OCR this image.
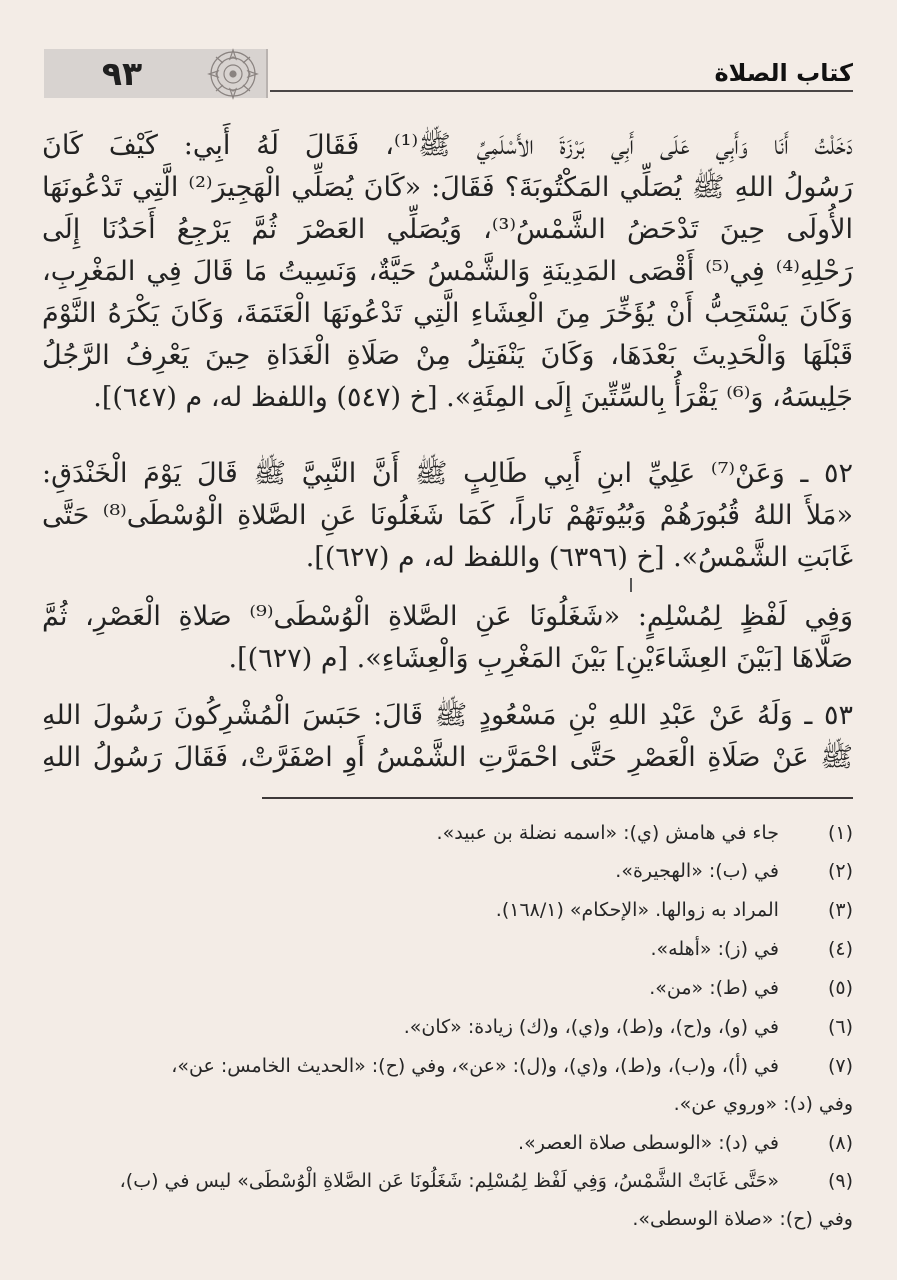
٩٣	كتاب الصلاة
دَخَلْتُ أَنَا وَأَبِي عَلَى أَبِي بَرْزَةَ الأَسْلَمِيِّ ﷺ⁽¹⁾، فَقَالَ لَهُ أَبِي: كَيْفَ كَانَ
رَسُولُ اللهِ ﷺ يُصَلِّي المَكْتُوبَةَ؟ فَقَالَ: «كَانَ يُصَلِّي الْهَجِيرَ⁽²⁾ الَّتِي تَدْعُونَهَا
الأُولَى حِينَ تَدْحَضُ الشَّمْسُ⁽³⁾، وَيُصَلِّي العَصْرَ ثُمَّ يَرْجِعُ أَحَدُنَا إِلَى
رَحْلِهِ⁽⁴⁾ فِي⁽⁵⁾ أَقْصَى المَدِينَةِ وَالشَّمْسُ حَيَّةٌ، وَنَسِيتُ مَا قَالَ فِي المَغْرِبِ،
وَكَانَ يَسْتَحِبُّ أَنْ يُؤَخِّرَ مِنَ الْعِشَاءِ الَّتِي تَدْعُونَهَا الْعَتَمَةَ، وَكَانَ يَكْرَهُ النَّوْمَ
قَبْلَهَا وَالْحَدِيثَ بَعْدَهَا، وَكَانَ يَنْفَتِلُ مِنْ صَلَاةِ الْغَدَاةِ حِينَ يَعْرِفُ الرَّجُلُ
جَلِيسَهُ، وَ⁽⁶⁾ يَقْرَأُ بِالسِّتِّينَ إِلَى المِئَةِ». [خ (٥٤٧) واللفظ له، م (٦٤٧)].
٥٢ ـ وَعَنْ⁽⁷⁾ عَلِيِّ ابنِ أَبِي طَالِبٍ ﷺ أَنَّ النَّبِيَّ ﷺ قَالَ يَوْمَ الْخَنْدَقِ:
«مَلأَ اللهُ قُبُورَهُمْ وَبُيُوتَهُمْ نَاراً، كَمَا شَغَلُونَا عَنِ الصَّلاةِ الْوُسْطَى⁽⁸⁾ حَتَّى
غَابَتِ الشَّمْسُ». [خ (٦٣٩٦) واللفظ له، م (٦٢٧)].
وَفِي لَفْظٍ لِمُسْلِمٍ: «شَغَلُونَا عَنِ الصَّلاةِ الْوُسْطَى⁽⁹⁾ صَلاةِ الْعَصْرِ، ثُمَّ
صَلَّاهَا [بَيْنَ العِشَاءَيْنِ] بَيْنَ المَغْرِبِ وَالْعِشَاءِ». [م (٦٢٧)].
٥٣ ـ وَلَهُ عَنْ عَبْدِ اللهِ بْنِ مَسْعُودٍ ﷺ قَالَ: حَبَسَ الْمُشْرِكُونَ رَسُولَ اللهِ
ﷺ عَنْ صَلَاةِ الْعَصْرِ حَتَّى احْمَرَّتِ الشَّمْسُ أَوِ اصْفَرَّتْ، فَقَالَ رَسُولُ اللهِ
(١) جاء في هامش (ي): «اسمه نضلة بن عبيد».
(٢) في (ب): «الهجيرة».
(٣) المراد به زوالها. «الإحكام» (١٦٨/١).
(٤) في (ز): «أهله».
(٥) في (ط): «من».
(٦) في (و)، و(ح)، و(ط)، و(ي)، و(ك) زيادة: «كان».
(٧) في (أ)، و(ب)، و(ط)، و(ي)، و(ل): «عن»، وفي (ح): «الحديث الخامس: عن»،
وفي (د): «وروي عن».
(٨) في (د): «الوسطى صلاة العصر».
(٩) «حَتَّى غَابَتْ الشَّمْسُ، وَفِي لَفْظ لِمُسْلِم: شَغَلُونَا عَن الصَّلاةِ الْوُسْطَى» ليس في (ب)،
وفي (ح): «صلاة الوسطى».
